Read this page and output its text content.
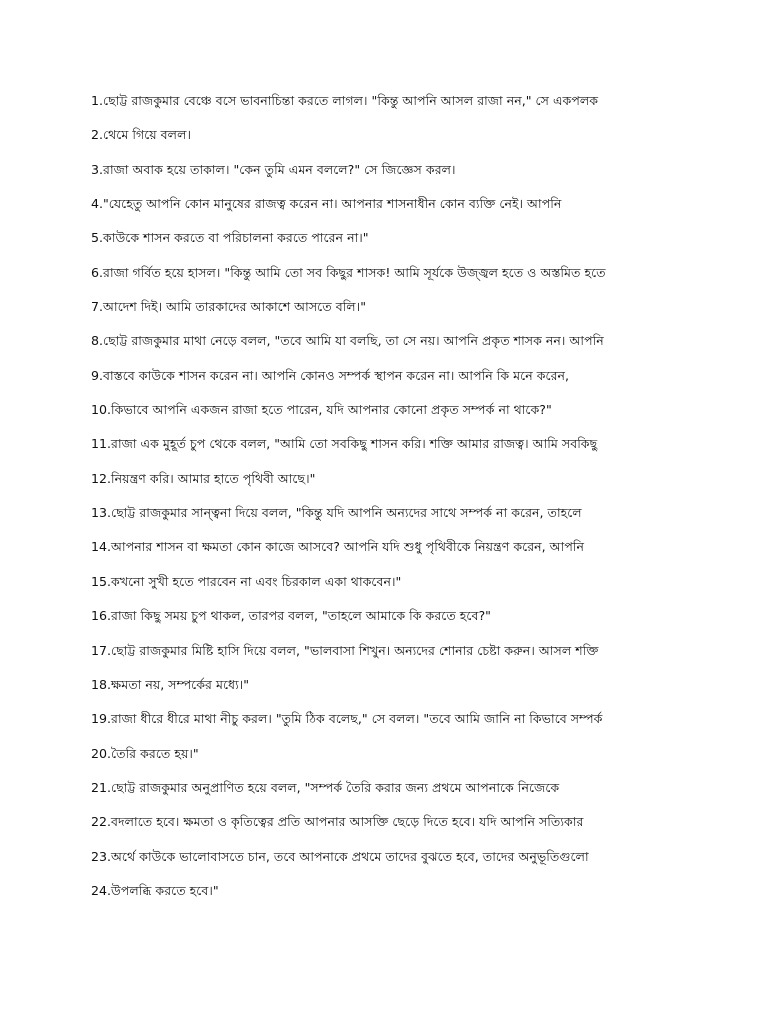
1.ছোট্ট রাজকুমার বেঞ্চে বসে ভাবনাচিন্তা করতে লাগল। "কিন্তু আপনি আসল রাজা নন," সে একপলক
2.থেমে গিয়ে বলল।
3.রাজা অবাক হয়ে তাকাল। "কেন তুমি এমন বললে?" সে জিজ্ঞেস করল।
4."যেহেতু আপনি কোন মানুষের রাজত্ব করেন না। আপনার শাসনাধীন কোন ব্যক্তি নেই। আপনি
5.কাউকে শাসন করতে বা পরিচালনা করতে পারেন না।"
6.রাজা গর্বিত হয়ে হাসল। "কিন্তু আমি তো সব কিছুর শাসক! আমি সূর্যকে উজ্জ্বল হতে ও অস্তমিত হতে
7.আদেশ দিই। আমি তারকাদের আকাশে আসতে বলি।"
8.ছোট্ট রাজকুমার মাথা নেড়ে বলল, "তবে আমি যা বলছি, তা সে নয়। আপনি প্রকৃত শাসক নন। আপনি
9.বাস্তবে কাউকে শাসন করেন না। আপনি কোনও সম্পর্ক স্থাপন করেন না। আপনি কি মনে করেন,
10.কিভাবে আপনি একজন রাজা হতে পারেন, যদি আপনার কোনো প্রকৃত সম্পর্ক না থাকে?"
11.রাজা এক মুহূর্ত চুপ থেকে বলল, "আমি তো সবকিছু শাসন করি। শক্তি আমার রাজত্ব। আমি সবকিছু
12.নিয়ন্ত্রণ করি। আমার হাতে পৃথিবী আছে।"
13.ছোট্ট রাজকুমার সান্ত্বনা দিয়ে বলল, "কিন্তু যদি আপনি অন্যদের সাথে সম্পর্ক না করেন, তাহলে
14.আপনার শাসন বা ক্ষমতা কোন কাজে আসবে? আপনি যদি শুধু পৃথিবীকে নিয়ন্ত্রণ করেন, আপনি
15.কখনো সুখী হতে পারবেন না এবং চিরকাল একা থাকবেন।"
16.রাজা কিছু সময় চুপ থাকল, তারপর বলল, "তাহলে আমাকে কি করতে হবে?"
17.ছোট্ট রাজকুমার মিষ্টি হাসি দিয়ে বলল, "ভালবাসা শিখুন। অন্যদের শোনার চেষ্টা করুন। আসল শক্তি
18.ক্ষমতা নয়, সম্পর্কের মধ্যে।"
19.রাজা ধীরে ধীরে মাথা নীচু করল। "তুমি ঠিক বলেছ," সে বলল। "তবে আমি জানি না কিভাবে সম্পর্ক
20.তৈরি করতে হয়।"
21.ছোট্ট রাজকুমার অনুপ্রাণিত হয়ে বলল, "সম্পর্ক তৈরি করার জন্য প্রথমে আপনাকে নিজেকে
22.বদলাতে হবে। ক্ষমতা ও কৃতিত্বের প্রতি আপনার আসক্তি ছেড়ে দিতে হবে। যদি আপনি সত্যিকার
23.অর্থে কাউকে ভালোবাসতে চান, তবে আপনাকে প্রথমে তাদের বুঝতে হবে, তাদের অনুভূতিগুলো
24.উপলব্ধি করতে হবে।"
